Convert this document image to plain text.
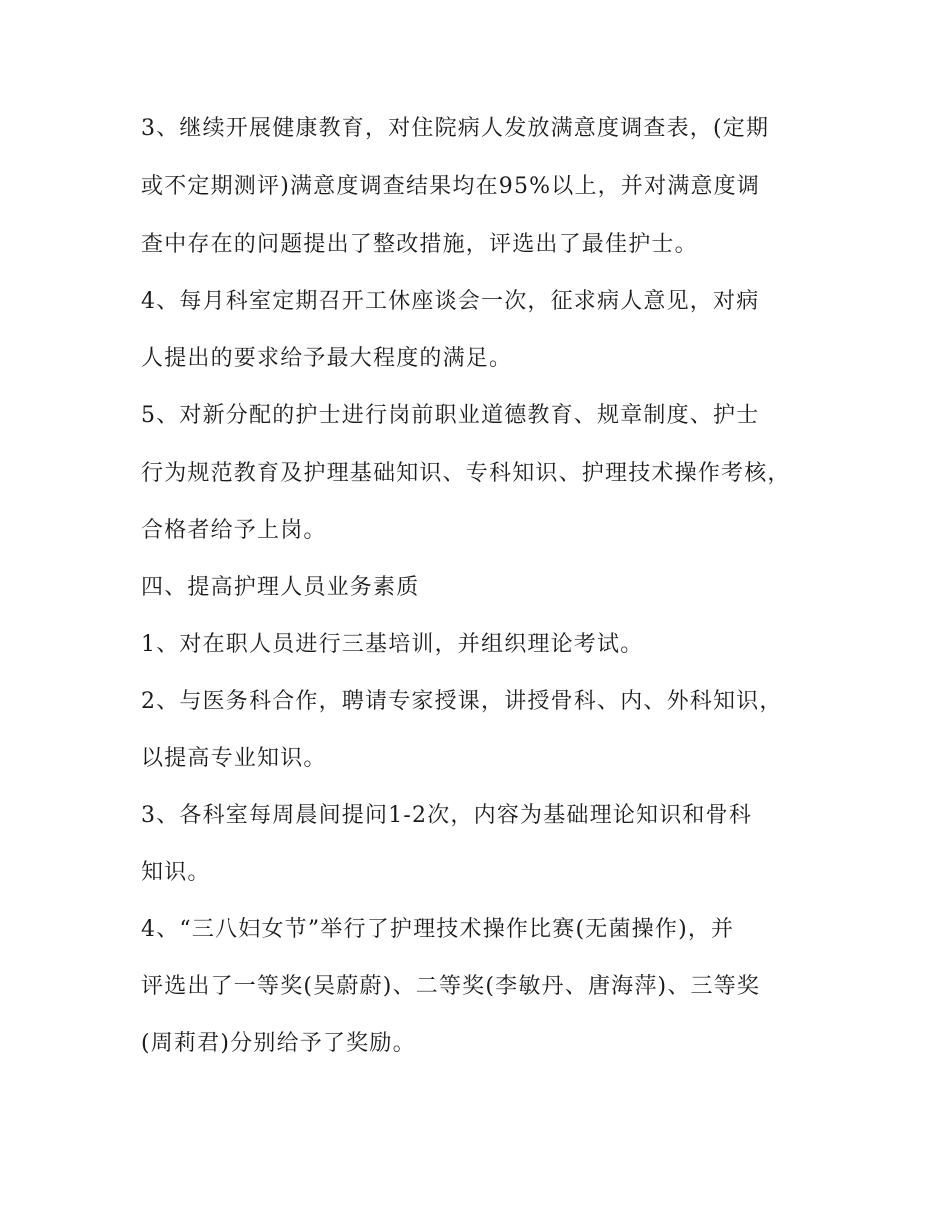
3、继续开展健康教育，对住院病人发放满意度调查表，(定期
或不定期测评)满意度调查结果均在95%以上，并对满意度调
查中存在的问题提出了整改措施，评选出了最佳护士。
4、每月科室定期召开工休座谈会一次，征求病人意见，对病
人提出的要求给予最大程度的满足。
5、对新分配的护士进行岗前职业道德教育、规章制度、护士
行为规范教育及护理基础知识、专科知识、护理技术操作考核，
合格者给予上岗。
四、提高护理人员业务素质
1、对在职人员进行三基培训，并组织理论考试。
2、与医务科合作，聘请专家授课，讲授骨科、内、外科知识，
以提高专业知识。
3、各科室每周晨间提问1-2次，内容为基础理论知识和骨科
知识。
4、“三八妇女节”举行了护理技术操作比赛(无菌操作)，并
评选出了一等奖(吴蔚蔚)、二等奖(李敏丹、唐海萍)、三等奖
(周莉君)分别给予了奖励。
